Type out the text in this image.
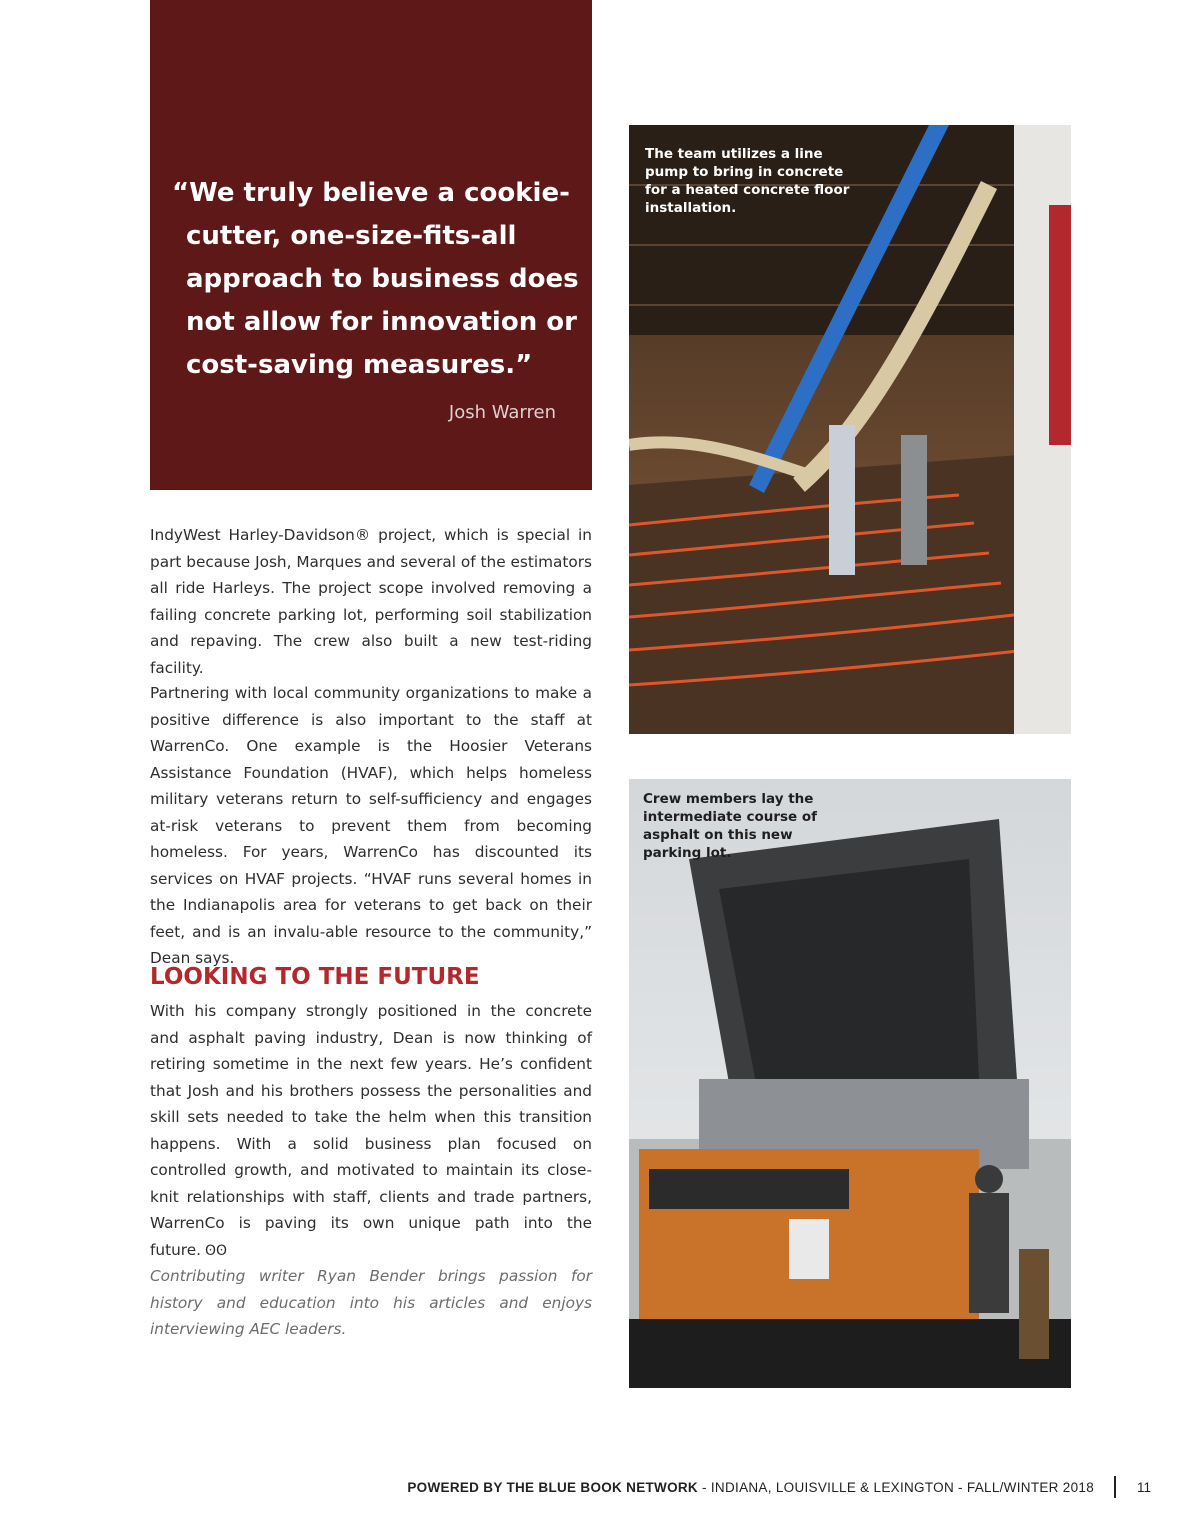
“We truly believe a cookie-cutter, one-size-fits-all approach to business does not allow for innovation or cost-saving measures.”
Josh Warren
IndyWest Harley-Davidson® project, which is special in part because Josh, Marques and several of the estimators all ride Harleys. The project scope involved removing a failing concrete parking lot, performing soil stabilization and repaving. The crew also built a new test-riding facility.
Partnering with local community organizations to make a positive difference is also important to the staff at WarrenCo. One example is the Hoosier Veterans Assistance Foundation (HVAF), which helps homeless military veterans return to self-sufficiency and engages at-risk veterans to prevent them from becoming homeless. For years, WarrenCo has discounted its services on HVAF projects. “HVAF runs several homes in the Indianapolis area for veterans to get back on their feet, and is an invalu-able resource to the community,” Dean says.
LOOKING TO THE FUTURE
With his company strongly positioned in the concrete and asphalt paving industry, Dean is now thinking of retiring sometime in the next few years. He’s confident that Josh and his brothers possess the personalities and skill sets needed to take the helm when this transition happens. With a solid business plan focused on controlled growth, and motivated to maintain its close-knit relationships with staff, clients and trade partners, WarrenCo is paving its own unique path into the future. ʘʘ
Contributing writer Ryan Bender brings passion for history and education into his articles and enjoys interviewing AEC leaders.
The team utilizes a line pump to bring in concrete for a heated concrete floor installation.
Crew members lay the intermediate course of asphalt on this new parking lot.
POWERED BY THE BLUE BOOK NETWORK - INDIANA, LOUISVILLE & LEXINGTON - FALL/WINTER 2018	11
